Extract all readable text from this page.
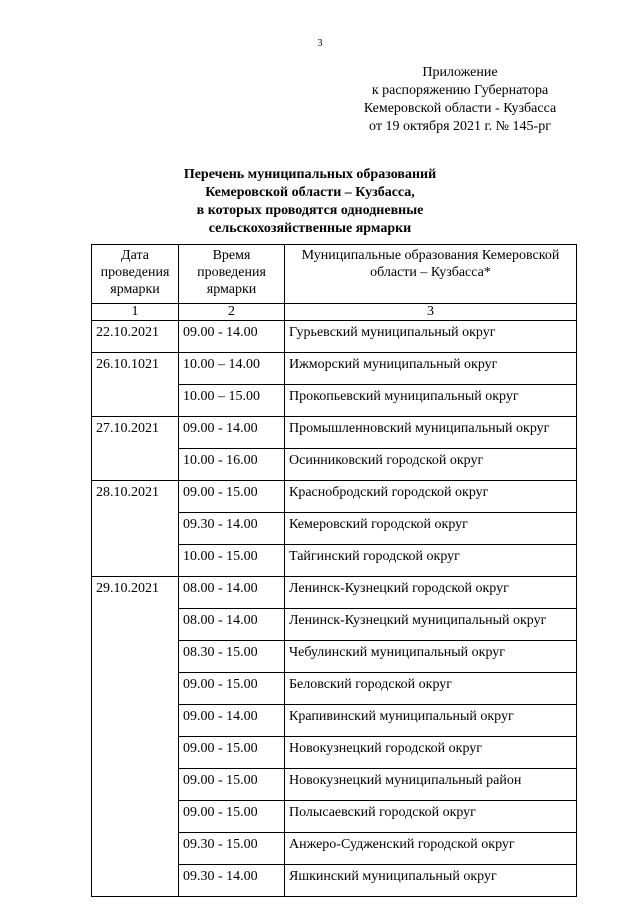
3
Приложение
к распоряжению Губернатора
Кемеровской области - Кузбасса
от 19 октября 2021 г. № 145-рг
Перечень муниципальных образований
Кемеровской области – Кузбасса,
в которых проводятся однодневные
сельскохозяйственные ярмарки
Дата проведения ярмарки	Время проведения ярмарки	Муниципальные образования Кемеровской области – Кузбасса*
1	2	3
22.10.2021	09.00 - 14.00	Гурьевский муниципальный округ
26.10.1021	10.00 – 14.00	Ижморский муниципальный округ
	10.00 – 15.00	Прокопьевский муниципальный округ
27.10.2021	09.00 - 14.00	Промышленновский муниципальный округ
	10.00 - 16.00	Осинниковский городской округ
28.10.2021	09.00 - 15.00	Краснобродский городской округ
	09.30 - 14.00	Кемеровский городской округ
	10.00 - 15.00	Тайгинский городской округ
29.10.2021	08.00 - 14.00	Ленинск-Кузнецкий городской округ
	08.00 - 14.00	Ленинск-Кузнецкий муниципальный округ
	08.30 - 15.00	Чебулинский муниципальный округ
	09.00 - 15.00	Беловский городской округ
	09.00 - 14.00	Крапивинский муниципальный округ
	09.00 - 15.00	Новокузнецкий городской округ
	09.00 - 15.00	Новокузнецкий муниципальный район
	09.00 - 15.00	Полысаевский городской округ
	09.30 - 15.00	Анжеро-Судженский городской округ
	09.30 - 14.00	Яшкинский муниципальный округ
